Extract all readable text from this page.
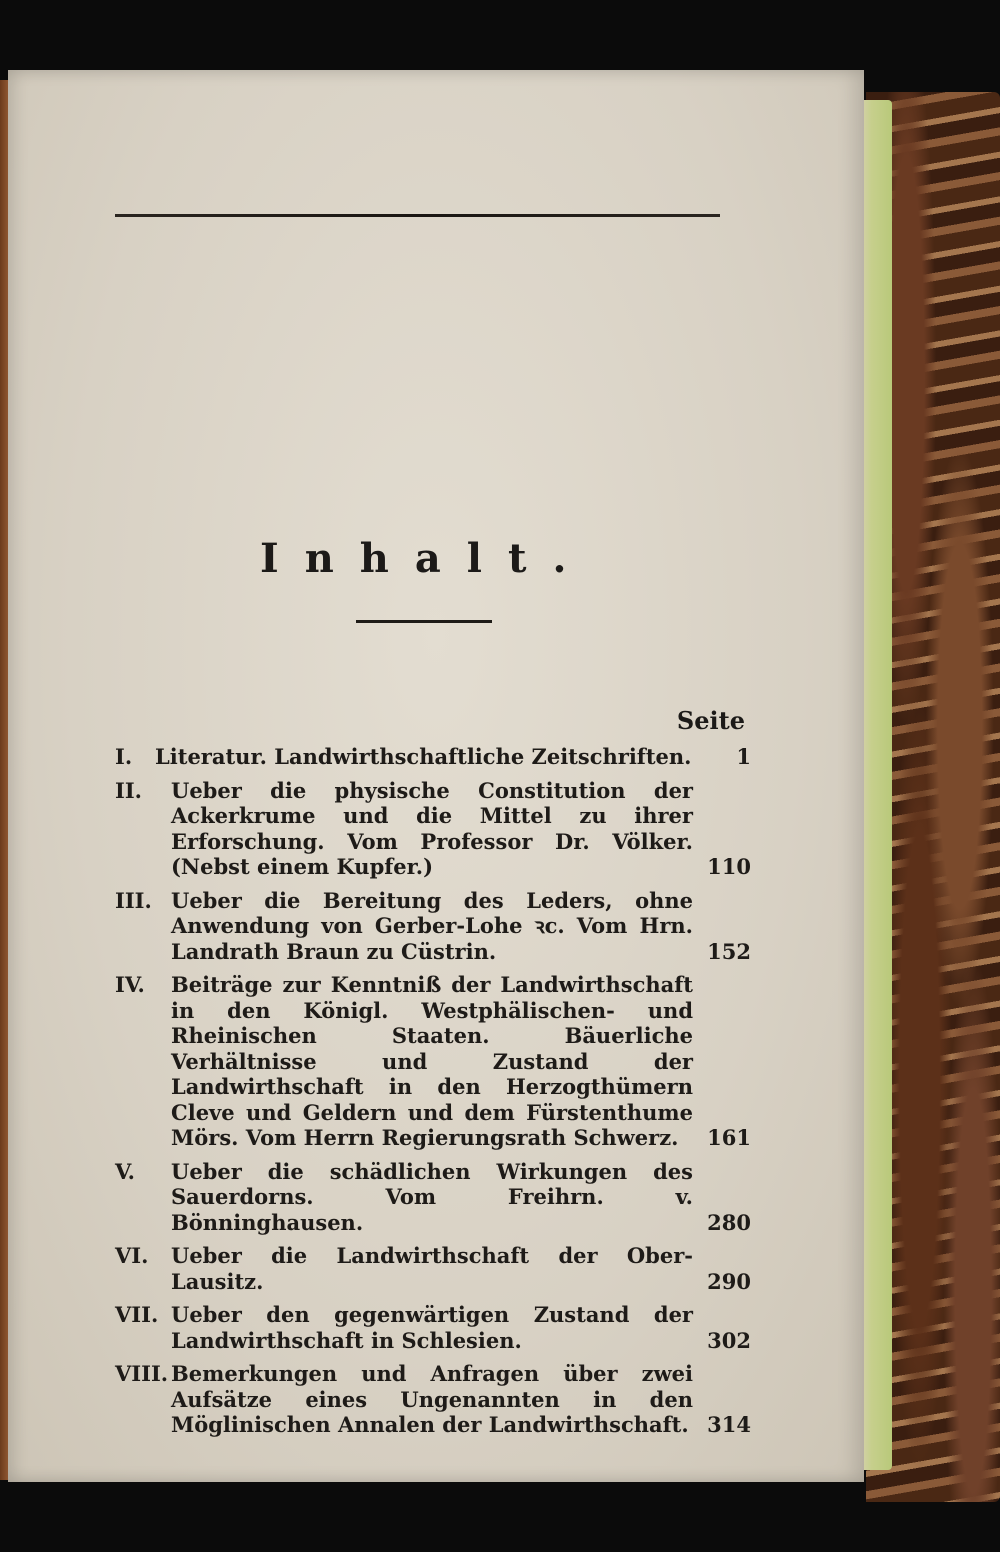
Inhalt.
Seite
I.	Literatur. Landwirthschaftliche Zeitschriften.	1
II.	Ueber die physische Constitution der Ackerkrume und die Mittel zu ihrer Erforschung. Vom Professor Dr. Völker. (Nebst einem Kupfer.)	110
III. Ueber die Bereitung des Leders, ohne Anwendung von Gerber-Lohe ꝛc. Vom Hrn. Landrath Braun zu Cüstrin.	152
IV.	Beiträge zur Kenntniß der Landwirthschaft in den Königl. Westphälischen- und Rheinischen Staaten. Bäuerliche Verhältnisse und Zustand der Landwirthschaft in den Herzogthümern Cleve und Geldern und dem Fürstenthume Mörs. Vom Herrn Regierungsrath Schwerz.	161
V.	Ueber die schädlichen Wirkungen des Sauerdorns. Vom Freihrn. v. Bönninghausen.	280
VI.	Ueber die Landwirthschaft der Ober-Lausitz.	290
VII. Ueber den gegenwärtigen Zustand der Landwirthschaft in Schlesien.	302
VIII. Bemerkungen und Anfragen über zwei Aufsätze eines Ungenannten in den Möglinischen Annalen der Landwirthschaft. 314
